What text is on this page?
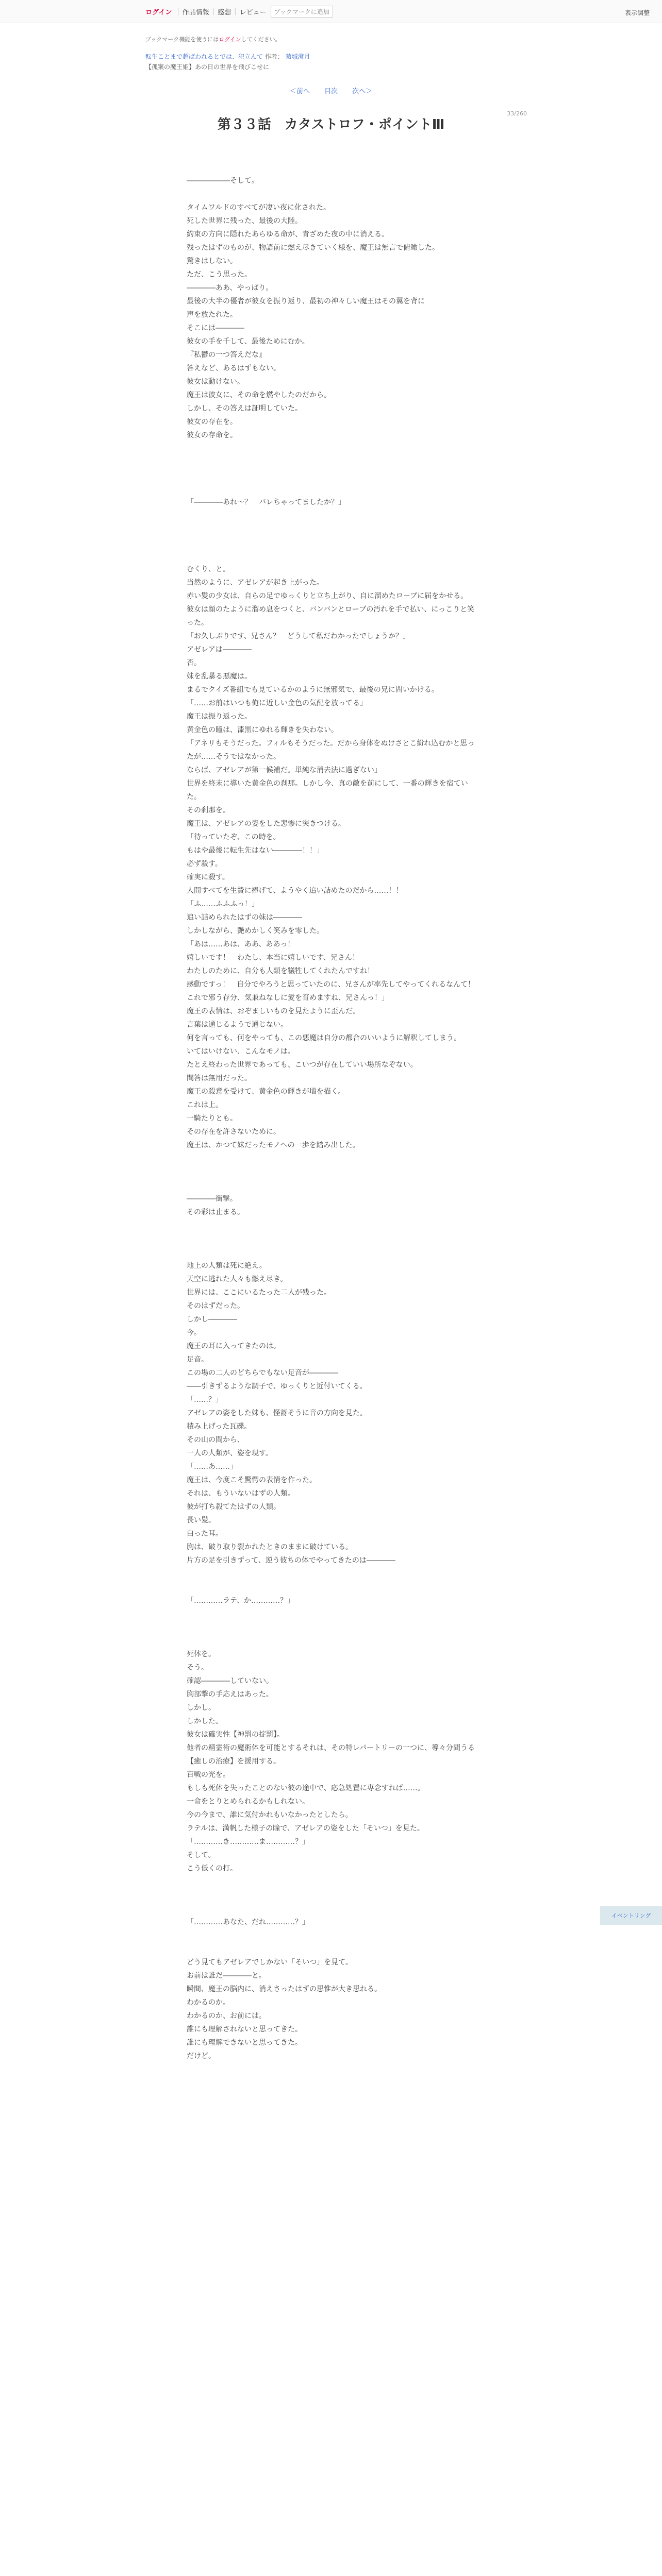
ログイン | 作品情報 | 感想 | レビュー	ブックマークに追加	表示調整
ブックマーク機能を使うにはログインしてください。
転生ことまで超ばわれるとでは、犯立んて 作者： 菊城澄月
【孤案の魔王姫】あの日の世界を飛びこせに
＜前へ 目次 次へ＞
33/260
第３３話　カタストロフ・ポイントⅢ

――――――そして。

タイムワルドのすべてが凄い夜に化された。

死した世界に残った、最後の大陸。
約束の方向に隠れたあらゆる命が、青ざめた夜の中に消える。

残ったはずのものが、物語前に燃え尽きていく様を、魔王は無言で俯瞰した。
驚きはしない。
ただ、こう思った。

――――ああ、やっぱり。

最後の大半の優者が彼女を振り返り、最初の神々しい魔王はその翼を背に
声を放たれた。
そこには――――
彼女の手を千して、最後ためにむか。

『私鬱の一つ答えだな』

答えなど、あるはずもない。
彼女は動けない。
魔王は彼女に、その命を燃やしたのだから。

しかし、その答えは証明していた。
彼女の存在を。
彼女の存命を。

「――――あれ〜？　バレちゃってましたか？」

むくり、と。
当然のように、アゼレアが起き上がった。

赤い髪の少女は、自らの足でゆっくりと立ち上がり、自に溜めたローブに届をかせる。
彼女は顔のたように溜め息をつくと、バンバンとローブの汚れを手で払い、にっこりと笑った。

「お久しぶりです、兄さん？　どうして私だわかったでしょうか？」

アゼレアは――――
否。
妹を乱暴る悪魔は。
まるでクイズ番組でも見ているかのように無邪気で、最後の兄に問いかける。

「……お前はいつも俺に近しい金色の気配を放ってる」

魔王は振り返った。
黄金色の瞳は、漆黒にゆれる輝きを失わない。

「アネリもそうだった。フィルもそうだった。だから身体をぬけさとこ紛れ込むかと思ったが……そうではなかった。
ならば、アゼレアが第一候補だ。単純な消去法に過ぎない」

世界を終末に導いた黄金色の刹那。しかし今、真の敵を前にして、一番の輝きを宿ていた。
その刹那を。
魔王は、アゼレアの姿をした悲惨に突きつける。

「待っていたぞ、この時を。
もはや最後に転生先はない――――！！」

必ず殺す。
確実に殺す。
人間すべてを生贄に捧げて、ようやく追い詰めたのだから……！！

「ふ……ふふふっ！」

追い詰められたはずの妹は――――
しかしながら、艶めかしく笑みを零した。

「あは……あは、ああ、ああっ！
嬉しいです！　わたし、本当に嬉しいです、兄さん！
わたしのために、自分も人類を犠牲してくれたんですね！
感動ですっ！　自分でやろうと思っていたのに、兄さんが率先してやってくれるなんて！
これで邪う存分、気兼ねなしに愛を育めますね、兄さんっ！」

魔王の表情は、おぞましいものを見たように歪んだ。
言葉は通じるようで通じない。
何を言っても、何をやっても、この悪魔は自分の都合のいいように解釈してしまう。

いてはいけない、こんなモノは。
たとえ終わった世界であっても、こいつが存在していい場所なぞない。

間答は無用だった。
魔王の殺意を受けて、黄金色の輝きが増を描く。

これは上。
一騎たりとも。
その存在を許さないために。

魔王は、かつて妹だったモノへの一歩を踏み出した。

――――衝撃。

その彩は止まる。

地上の人類は死に絶え。
天空に逃れた人々も燃え尽き。
世界には、ここにいるたった二人が残った。
そのはずだった。

しかし――――
今。
魔王の耳に入ってきたのは。

足音。

この場の二人のどちらでもない足音が――――
――引きずるような調子で、ゆっくりと近付いてくる。

「……？」

アゼレアの姿をした妹も、怪訝そうに音の方向を見た。

積み上げった瓦礫。
その山の間から、
一人の人類が、姿を現す。

「……あ……」

魔王は、今度こそ驚愕の表情を作った。
それは、もういないはずの人類。
彼が打ち殺てたはずの人類。

長い髪。
白った耳。
胸は、破り取り裂かれたときのままに破けている。

片方の足を引きずって、逆う彼ちの体でやってきたのは――――

「…………ラテ、か…………？」

死体を。
そう。
確認――――していない。

胸部撃の手応えはあった。
しかし。
しかした。
彼女は確実性【神罰の掟罰】。
他者の精霊術の魔術体を可能とするそれは、その特レパートリーの一つに、導々分間うる【癒しの治療】を援用する。

百戦の光を。
もしも死体を失ったことのない彼の途中で、応急処置に専念すれば……。
一命をとりとめられるかもしれない。
今の今まで、誰に気付かれもいなかったとしたら。

ラテルは、満帆した様子の瞳で、アゼレアの姿をした「そいつ」を見た。

「…………き…………ま…………？」

そして。
こう低くの打。

「…………あなた、だれ…………？」

どう見てもアゼレアでしかない「そいつ」を見て。
お前は誰だ――――と。

瞬間、魔王の脳内に、消えさったはずの思惟が大き思れる。

わかるのか。
わかるのか、お前には。

誰にも理解されないと思ってきた。
誰にも理解できないと思ってきた。

だけど。

イベントリング
